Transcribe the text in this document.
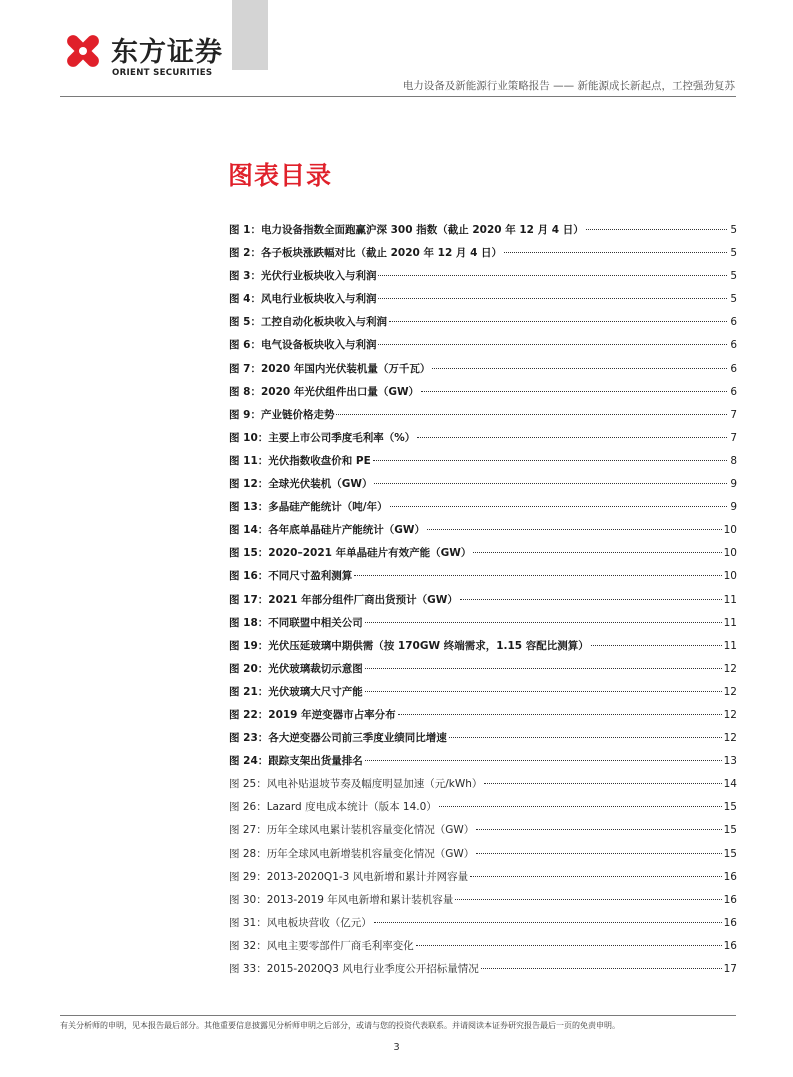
东方证券
ORIENT SECURITIES
电力设备及新能源行业策略报告 —— 新能源成长新起点，工控强劲复苏
图表目录
图 1：电力设备指数全面跑赢沪深 300 指数（截止 2020 年 12 月 4 日）	5
图 2：各子板块涨跌幅对比（截止 2020 年 12 月 4 日）	5
图 3：光伏行业板块收入与利润	5
图 4：风电行业板块收入与利润	5
图 5：工控自动化板块收入与利润	6
图 6：电气设备板块收入与利润	6
图 7：2020 年国内光伏装机量（万千瓦）	6
图 8：2020 年光伏组件出口量（GW）	6
图 9：产业链价格走势	7
图 10：主要上市公司季度毛利率（%）	7
图 11：光伏指数收盘价和 PE	8
图 12：全球光伏装机（GW）	9
图 13：多晶硅产能统计（吨/年）	9
图 14：各年底单晶硅片产能统计（GW）	10
图 15：2020–2021 年单晶硅片有效产能（GW）	10
图 16：不同尺寸盈利测算	10
图 17：2021 年部分组件厂商出货预计（GW）	11
图 18：不同联盟中相关公司	11
图 19：光伏压延玻璃中期供需（按 170GW 终端需求，1.15 容配比测算）	11
图 20：光伏玻璃裁切示意图	12
图 21：光伏玻璃大尺寸产能	12
图 22：2019 年逆变器市占率分布	12
图 23：各大逆变器公司前三季度业绩同比增速	12
图 24：跟踪支架出货量排名	13
图 25：风电补贴退坡节奏及幅度明显加速（元/kWh）	14
图 26：Lazard 度电成本统计（版本 14.0）	15
图 27：历年全球风电累计装机容量变化情况（GW）	15
图 28：历年全球风电新增装机容量变化情况（GW）	15
图 29：2013-2020Q1-3 风电新增和累计并网容量	16
图 30：2013-2019 年风电新增和累计装机容量	16
图 31：风电板块营收（亿元）	16
图 32：风电主要零部件厂商毛利率变化	16
图 33：2015-2020Q3 风电行业季度公开招标量情况	17
有关分析师的申明，见本报告最后部分。其他重要信息披露见分析师申明之后部分，或请与您的投资代表联系。并请阅读本证券研究报告最后一页的免责申明。
3
